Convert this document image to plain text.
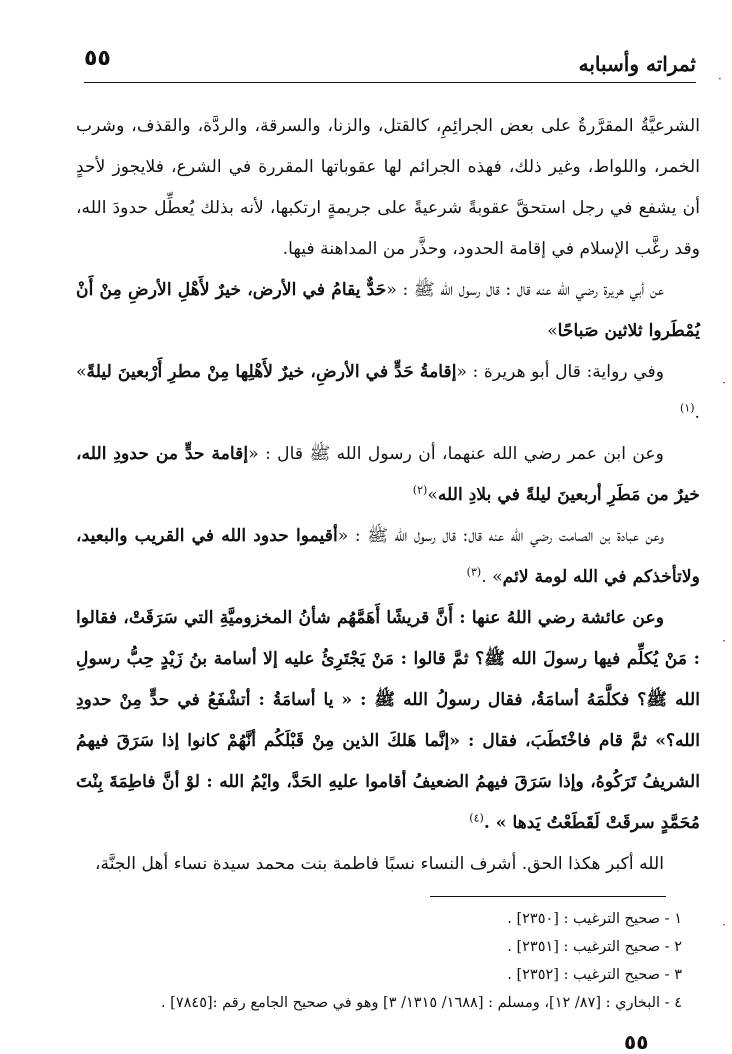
٥٥	ثمراته وأسبابه

الشرعيَّةُ المقرَّرةُ على بعض الجرائِمِ، كالقتل، والزنا، والسرقة، والردَّة، والقذف، وشرب الخمر، واللواط، وغير ذلك، فهذه الجرائم لها عقوباتها المقررة في الشرع، فلايجوز لأحدٍ أن يشفع في رجل استحقَّ عقوبةً شرعيةً على جريمةٍ ارتكبها، لأنه بذلك يُعطِّل حدودَ الله، وقد رغَّب الإسلام في إقامة الحدود، وحذَّر من المداهنة فيها.

عن أبي هريرة رضي الله عنه قال : قال رسول الله ﷺ : «حَدٌّ يقامُ في الأرض، خيرٌ لأَهْلِ الأرضِ مِنْ أَنْ يُمْطَروا ثلاثين صَباحًا»

وفي رواية: قال أبو هريرة : «إقامةُ حَدٍّ في الأرضِ، خيرٌ لأَهْلِها مِنْ مطرِ أَرْبعينَ ليلةً» .$^{(١)}$

وعن ابن عمر رضي الله عنهما، أن رسول الله ﷺ قال : «إقامة حدٍّ من حدودِ الله، خيرٌ من مَطَرِ أربعينَ ليلةً في بلادِ الله»$^{(٢)}$

وعن عبادة بن الصامت رضي الله عنه قال: قال رسول الله ﷺ : «أقيموا حدود الله في القريب والبعيد، ولاتأخذكم في الله لومة لائم» .$^{(٣)}$

وعن عائشة رضي اللهُ عنها : أَنَّ قريشًا أَهَمَّهُم شأنُ المخزوميَّةِ التي سَرَقَتْ، فقالوا : مَنْ يُكلِّم فيها رسولَ الله ﷺ؟ ثمَّ قالوا : مَنْ يَجْتَرِئُ عليه إلا أسامة بنُ زَيْدٍ حِبُّ رسولِ الله ﷺ؟ فكلَّمَهُ أسامَةُ، فقال رسولُ الله ﷺ : « يا أسامَةُ : أتشْفَعُ في حدٍّ مِنْ حدودِ الله؟» ثمَّ قام فاخْتَطَبَ، فقال : «إنَّما هَلكَ الذين مِنْ قَبْلَكُم أنَّهُمْ كانوا إذا سَرَقَ فيهمُ الشريفُ تَرَكُوهُ، وإذا سَرَقَ فيهمُ الضعيفُ أقاموا عليهِ الحَدَّ، وايْمُ الله : لوْ أنَّ فاطِمَةَ بِنْتَ مُحَمَّدٍ سرقَتْ لَقَطَعْتُ يَدها » .$^{(٤)}$

الله أكبر هكذا الحق. أشرف النساء نسبًا فاطمة بنت محمد سيدة نساء أهل الجنَّة،

١ - صحيح الترغيب : [٢٣٥٠] .
٢ - صحيح الترغيب : [٢٣٥١] .
٣ - صحيح الترغيب : [٢٣٥٢] .
٤ - البخاري : [٨٧/ ١٢]، ومسلم : [١٦٨٨/ ١٣١٥/ ٣] وهو في صحيح الجامع رقم :[٧٨٤٥] .
٥٥
·
·
·
·
